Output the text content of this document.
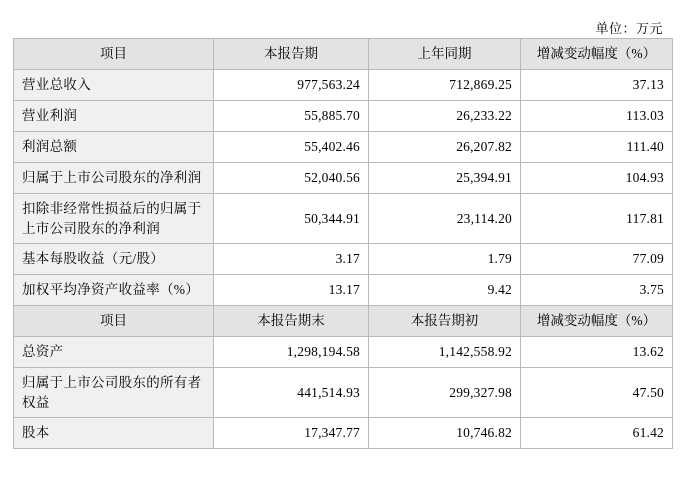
单位：万元
项目	本报告期	上年同期	增减变动幅度（%）
营业总收入	977,563.24	712,869.25	37.13
营业利润	55,885.70	26,233.22	113.03
利润总额	55,402.46	26,207.82	111.40
归属于上市公司股东的净利润	52,040.56	25,394.91	104.93
扣除非经常性损益后的归属于上市公司股东的净利润	50,344.91	23,114.20	117.81
基本每股收益（元/股）	3.17	1.79	77.09
加权平均净资产收益率（%）	13.17	9.42	3.75
项目	本报告期末	本报告期初	增减变动幅度（%）
总资产	1,298,194.58	1,142,558.92	13.62
归属于上市公司股东的所有者权益	441,514.93	299,327.98	47.50
股本	17,347.77	10,746.82	61.42
